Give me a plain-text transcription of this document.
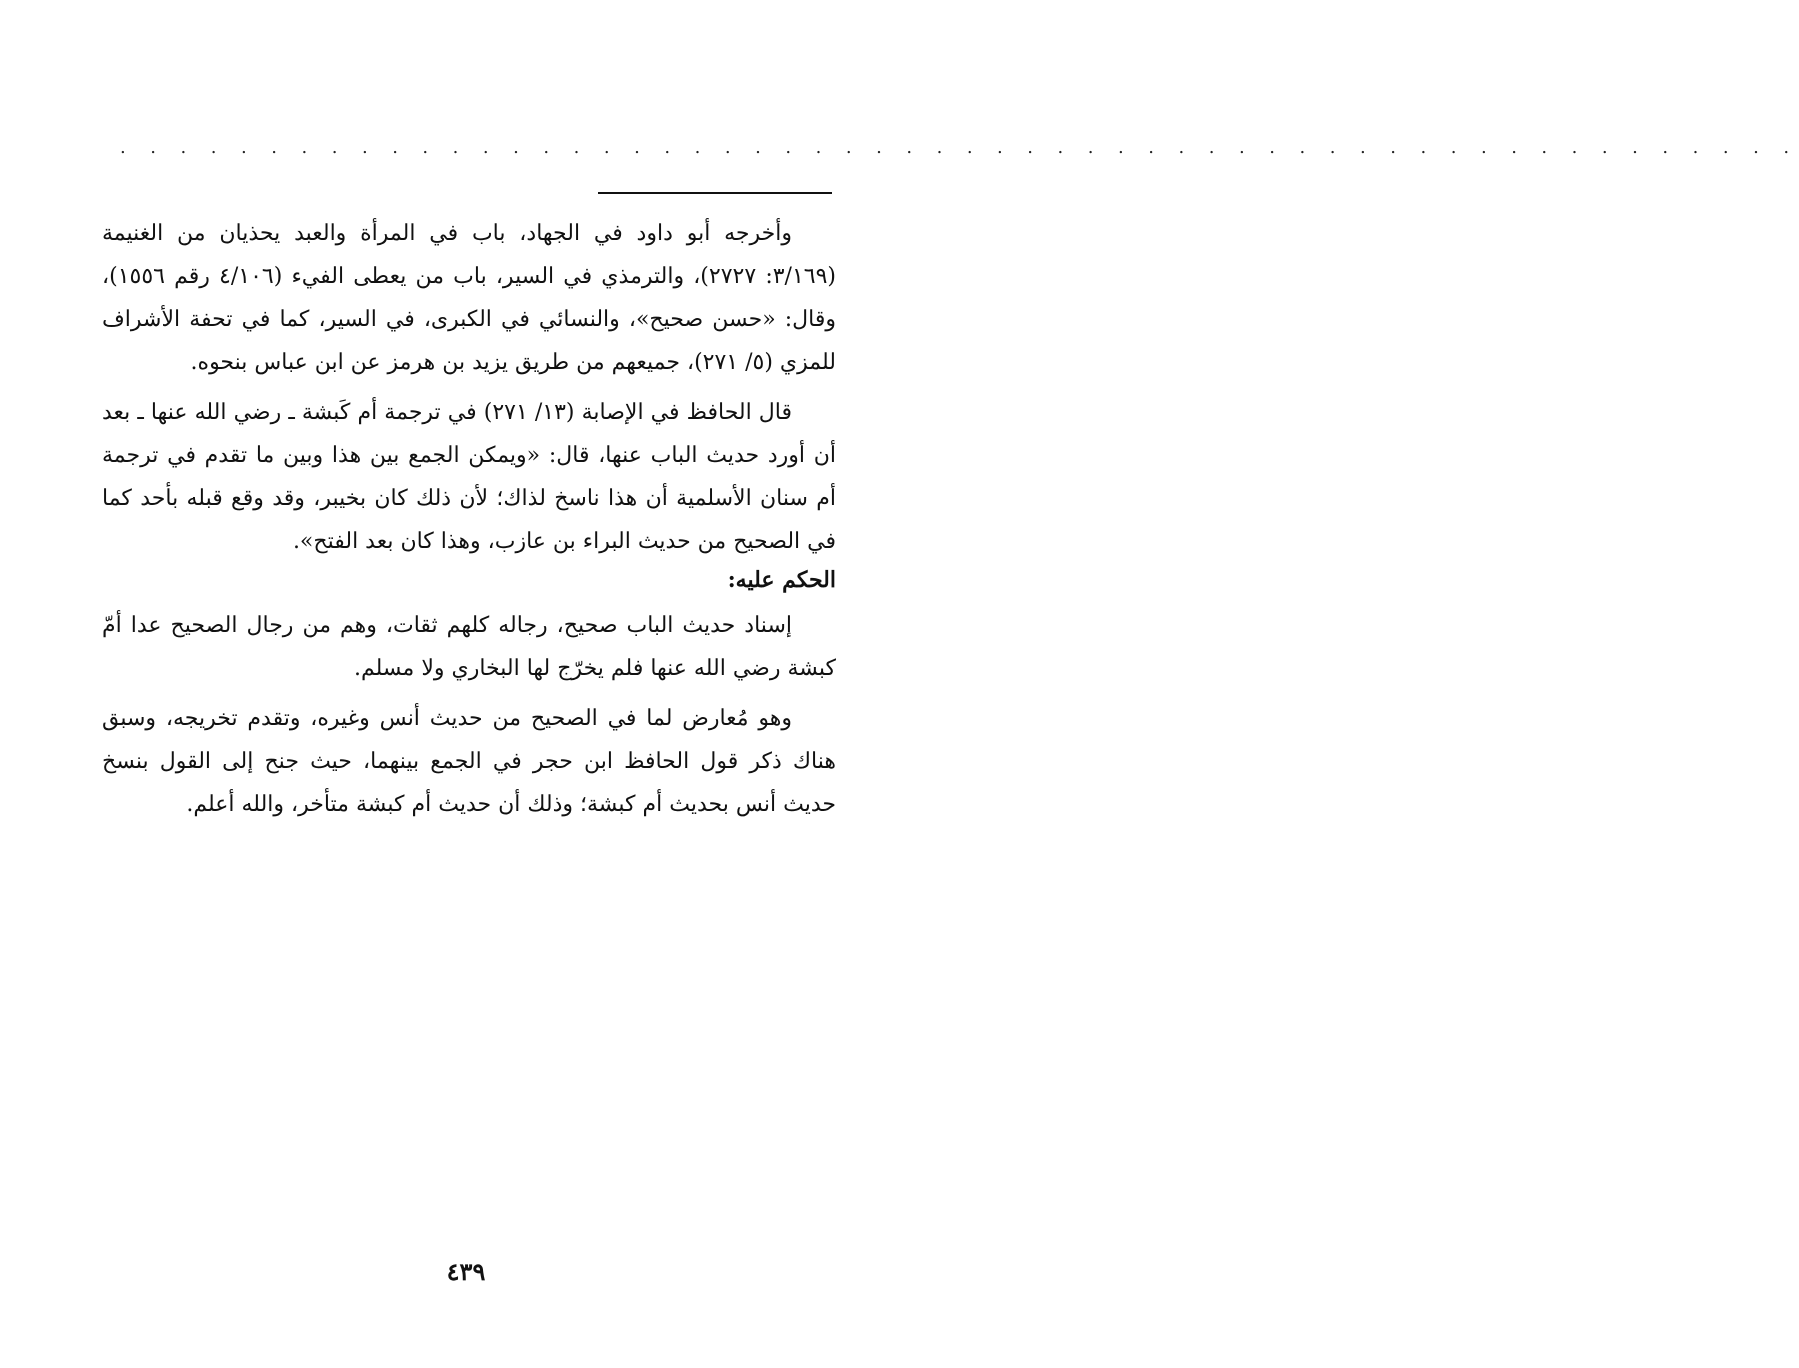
. . . . . . . . . . . . . . . . . . . . . . . . . . . . . . . . . . . . . . . . . . . . . . . . . . . . . . . .

وأخرجه أبو داود في الجهاد، باب في المرأة والعبد يحذيان من الغنيمة (٣/١٦٩: ٢٧٢٧)، والترمذي في السير، باب من يعطى الفيء (٤/١٠٦ رقم ١٥٥٦)، وقال: «حسن صحيح»، والنسائي في الكبرى، في السير، كما في تحفة الأشراف للمزي (٥/ ٢٧١)، جميعهم من طريق يزيد بن هرمز عن ابن عباس بنحوه.

قال الحافظ في الإصابة (١٣/ ٢٧١) في ترجمة أم كَبشة ـ رضي الله عنها ـ بعد أن أورد حديث الباب عنها، قال: «ويمكن الجمع بين هذا وبين ما تقدم في ترجمة أم سنان الأسلمية أن هذا ناسخ لذاك؛ لأن ذلك كان بخيبر، وقد وقع قبله بأحد كما في الصحيح من حديث البراء بن عازب، وهذا كان بعد الفتح».

الحكم عليه:

إسناد حديث الباب صحيح، رجاله كلهم ثقات، وهم من رجال الصحيح عدا أمّ كبشة رضي الله عنها فلم يخرّج لها البخاري ولا مسلم.

وهو مُعارض لما في الصحيح من حديث أنس وغيره، وتقدم تخريجه، وسبق هناك ذكر قول الحافظ ابن حجر في الجمع بينهما، حيث جنح إلى القول بنسخ حديث أنس بحديث أم كبشة؛ وذلك أن حديث أم كبشة متأخر، والله أعلم.

٤٣٩
